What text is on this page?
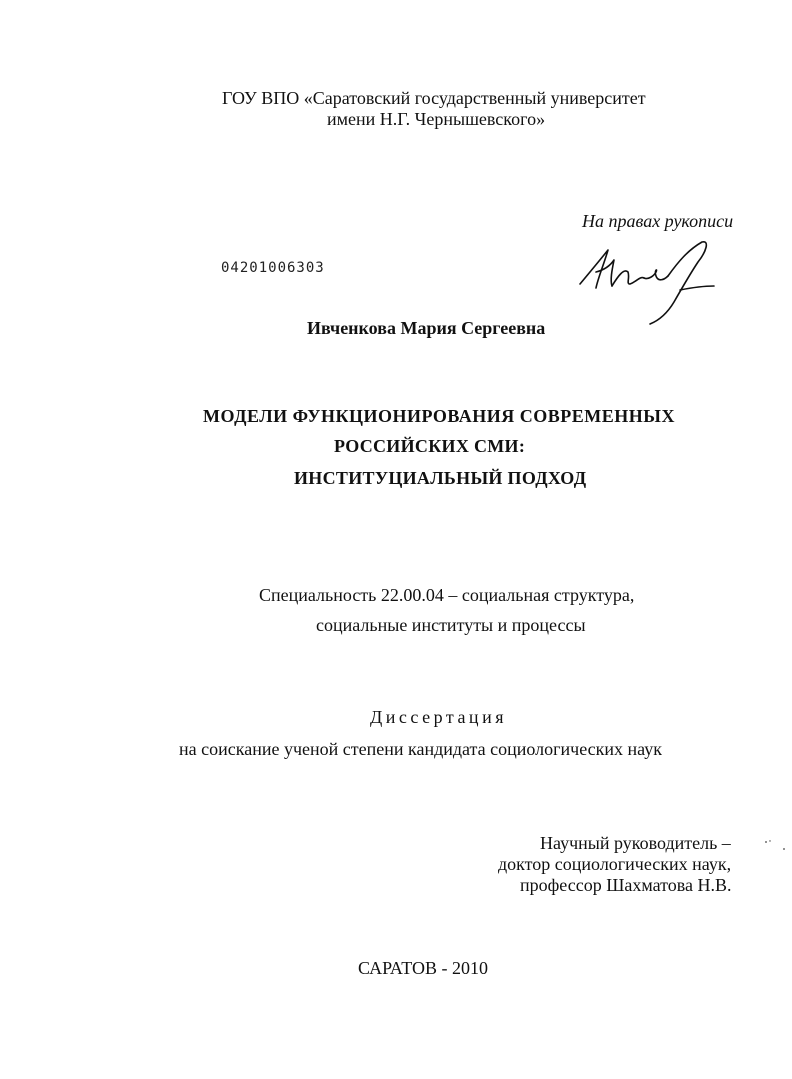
ГОУ ВПО «Саратовский государственный университет
имени Н.Г. Чернышевского»
На правах рукописи
04201006303
Ивченкова Мария Сергеевна
МОДЕЛИ ФУНКЦИОНИРОВАНИЯ СОВРЕМЕННЫХ
РОССИЙСКИХ СМИ:
ИНСТИТУЦИАЛЬНЫЙ ПОДХОД
Специальность 22.00.04 – социальная структура,
социальные институты и процессы
Диссертация
на соискание ученой степени кандидата социологических наук
Научный руководитель –
доктор социологических наук,
профессор Шахматова Н.В.
САРАТОВ - 2010
